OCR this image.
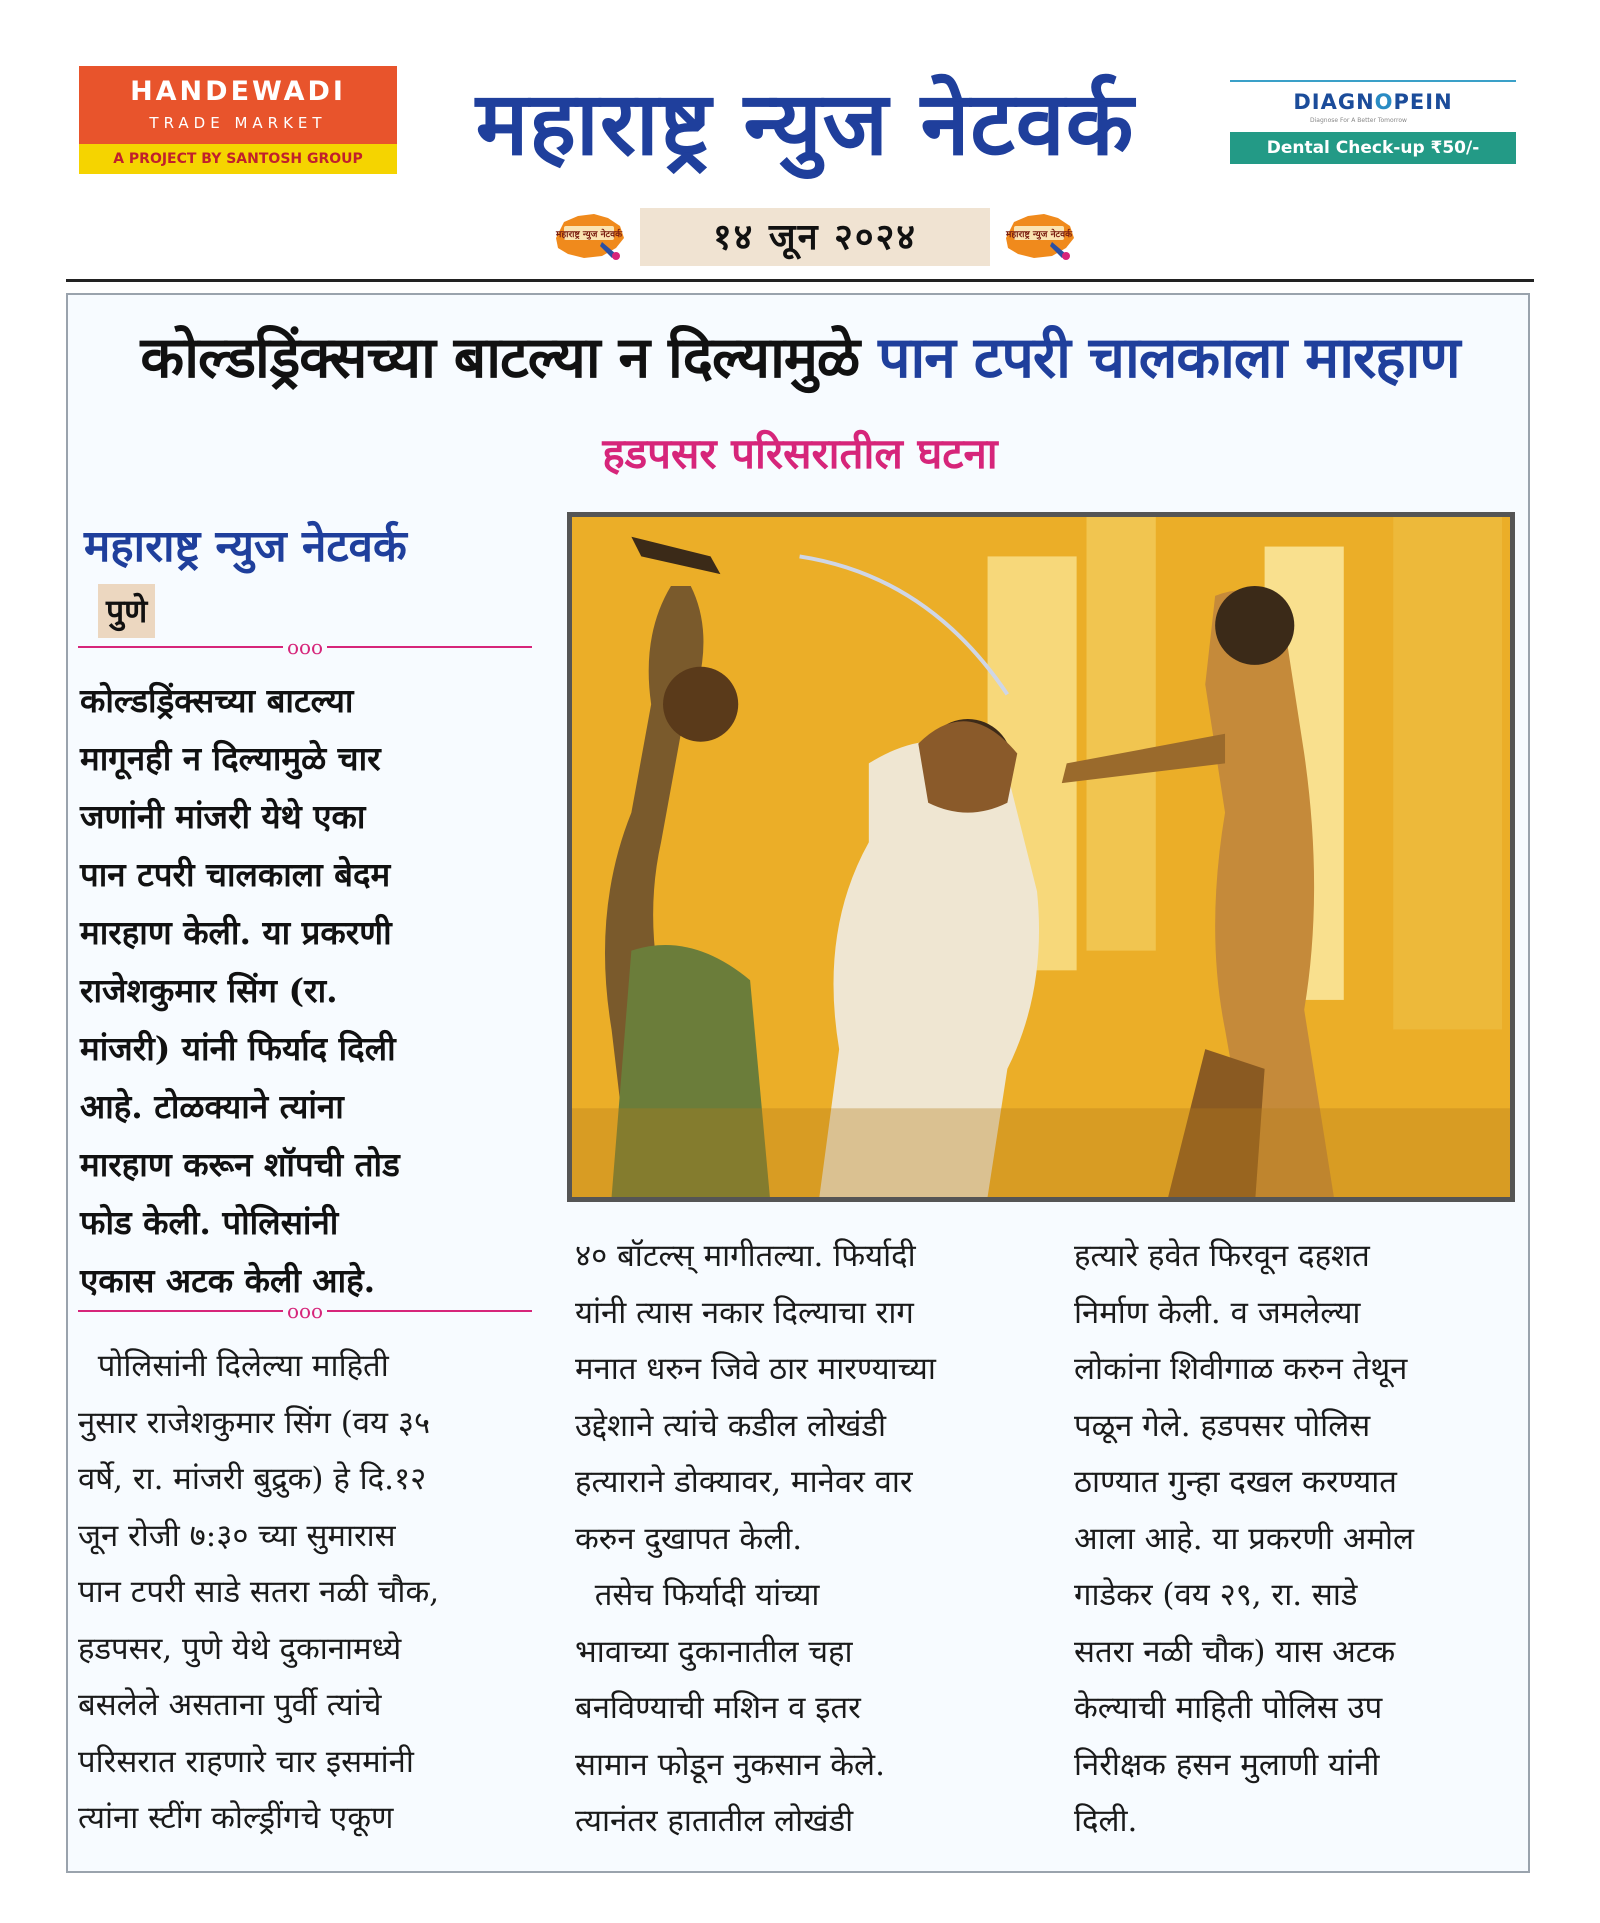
HANDEWADI
TRADE MARKET
A PROJECT BY SANTOSH GROUP	महाराष्ट्र न्युज नेटवर्क	DIAGNOPEIN
Diagnose For A Better Tomorrow
Dental Check-up ₹50/-
महाराष्ट्र न्युज नेटवर्क	१४ जून २०२४	महाराष्ट्र न्युज नेटवर्क
कोल्डड्रिंक्सच्या बाटल्या न दिल्यामुळे पान टपरी चालकाला मारहाण
हडपसर परिसरातील घटना
महाराष्ट्र न्युज नेटवर्क
पुणे
ooo

कोल्डड्रिंक्सच्या बाटल्या

मागूनही न दिल्यामुळे चार

जणांनी मांजरी येथे एका

पान टपरी चालकाला बेदम

मारहाण केली. या प्रकरणी

राजेशकुमार सिंग (रा.

मांजरी) यांनी फिर्याद दिली

आहे. टोळक्याने त्यांना

मारहाण करून शॉपची तोड

फोड केली. पोलिसांनी

एकास अटक केली आहे.

ooo

पोलिसांनी दिलेल्या माहिती

नुसार राजेशकुमार सिंग (वय ३५

वर्षे, रा. मांजरी बुद्रुक) हे दि.१२

जून रोजी ७:३० च्या सुमारास

पान टपरी साडे सतरा नळी चौक,

हडपसर, पुणे येथे दुकानामध्ये

बसलेले असताना पुर्वी त्यांचे

परिसरात राहणारे चार इसमांनी

त्यांना स्टींग कोल्ड्रींगचे एकूण

४० बॉटल्स् मागीतल्या. फिर्यादी

यांनी त्यास नकार दिल्याचा राग

मनात धरुन जिवे ठार मारण्याच्या

उद्देशाने त्यांचे कडील लोखंडी

हत्याराने डोक्यावर, मानेवर वार

करुन दुखापत केली.

तसेच फिर्यादी यांच्या

भावाच्या दुकानातील चहा

बनविण्याची मशिन व इतर

सामान फोडून नुकसान केले.

त्यानंतर हातातील लोखंडी

हत्यारे हवेत फिरवून दहशत

निर्माण केली. व जमलेल्या

लोकांना शिवीगाळ करुन तेथून

पळून गेले. हडपसर पोलिस

ठाण्यात गुन्हा दखल करण्यात

आला आहे. या प्रकरणी अमोल

गाडेकर (वय २९, रा. साडे

सतरा नळी चौक) यास अटक

केल्याची माहिती पोलिस उप

निरीक्षक हसन मुलाणी यांनी

दिली.
